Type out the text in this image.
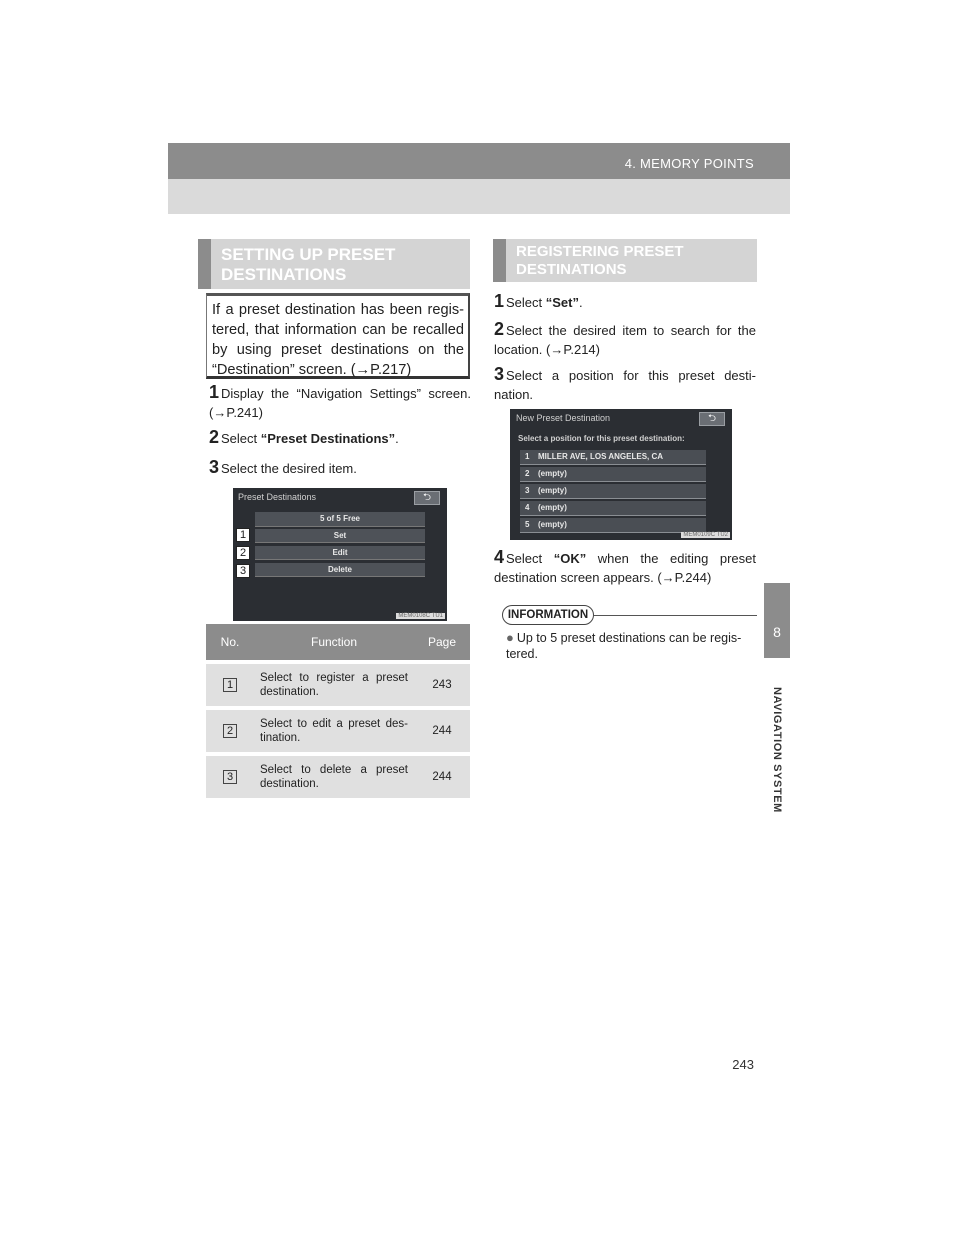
4. MEMORY POINTS
8
NAVIGATION SYSTEM
243
SETTING UP PRESET DESTINATIONS

If a preset destination has been regis-tered, that information can be recalled by using preset destinations on the “Destination” screen. (→P.217)

1 Display the “Navigation Settings” screen. (→P.241)
2 Select “Preset Destinations”.
3 Select the desired item.
Preset Destinations	⮌
5 of 5 Free
Set
Edit
Delete
MEM0108C TU1
1
2
3
No.	Function	Page

1	Select to register a preset destination.	243

2	Select to edit a preset des-tination.	244

3	Select to delete a preset destination.	244
REGISTERING PRESET DESTINATIONS
1 Select “Set”.
2 Select the desired item to search for the location. (→P.214)
3 Select a position for this preset desti-nation.
New Preset Destination	⮌
Select a position for this preset destination:
1 MILLER AVE, LOS ANGELES, CA
2 (empty)
3 (empty)
4 (empty)
5 (empty)
MEM0109C TU2
4 Select “OK” when the editing preset destination screen appears. (→P.244)
INFORMATION
● Up to 5 preset destinations can be regis-tered.
